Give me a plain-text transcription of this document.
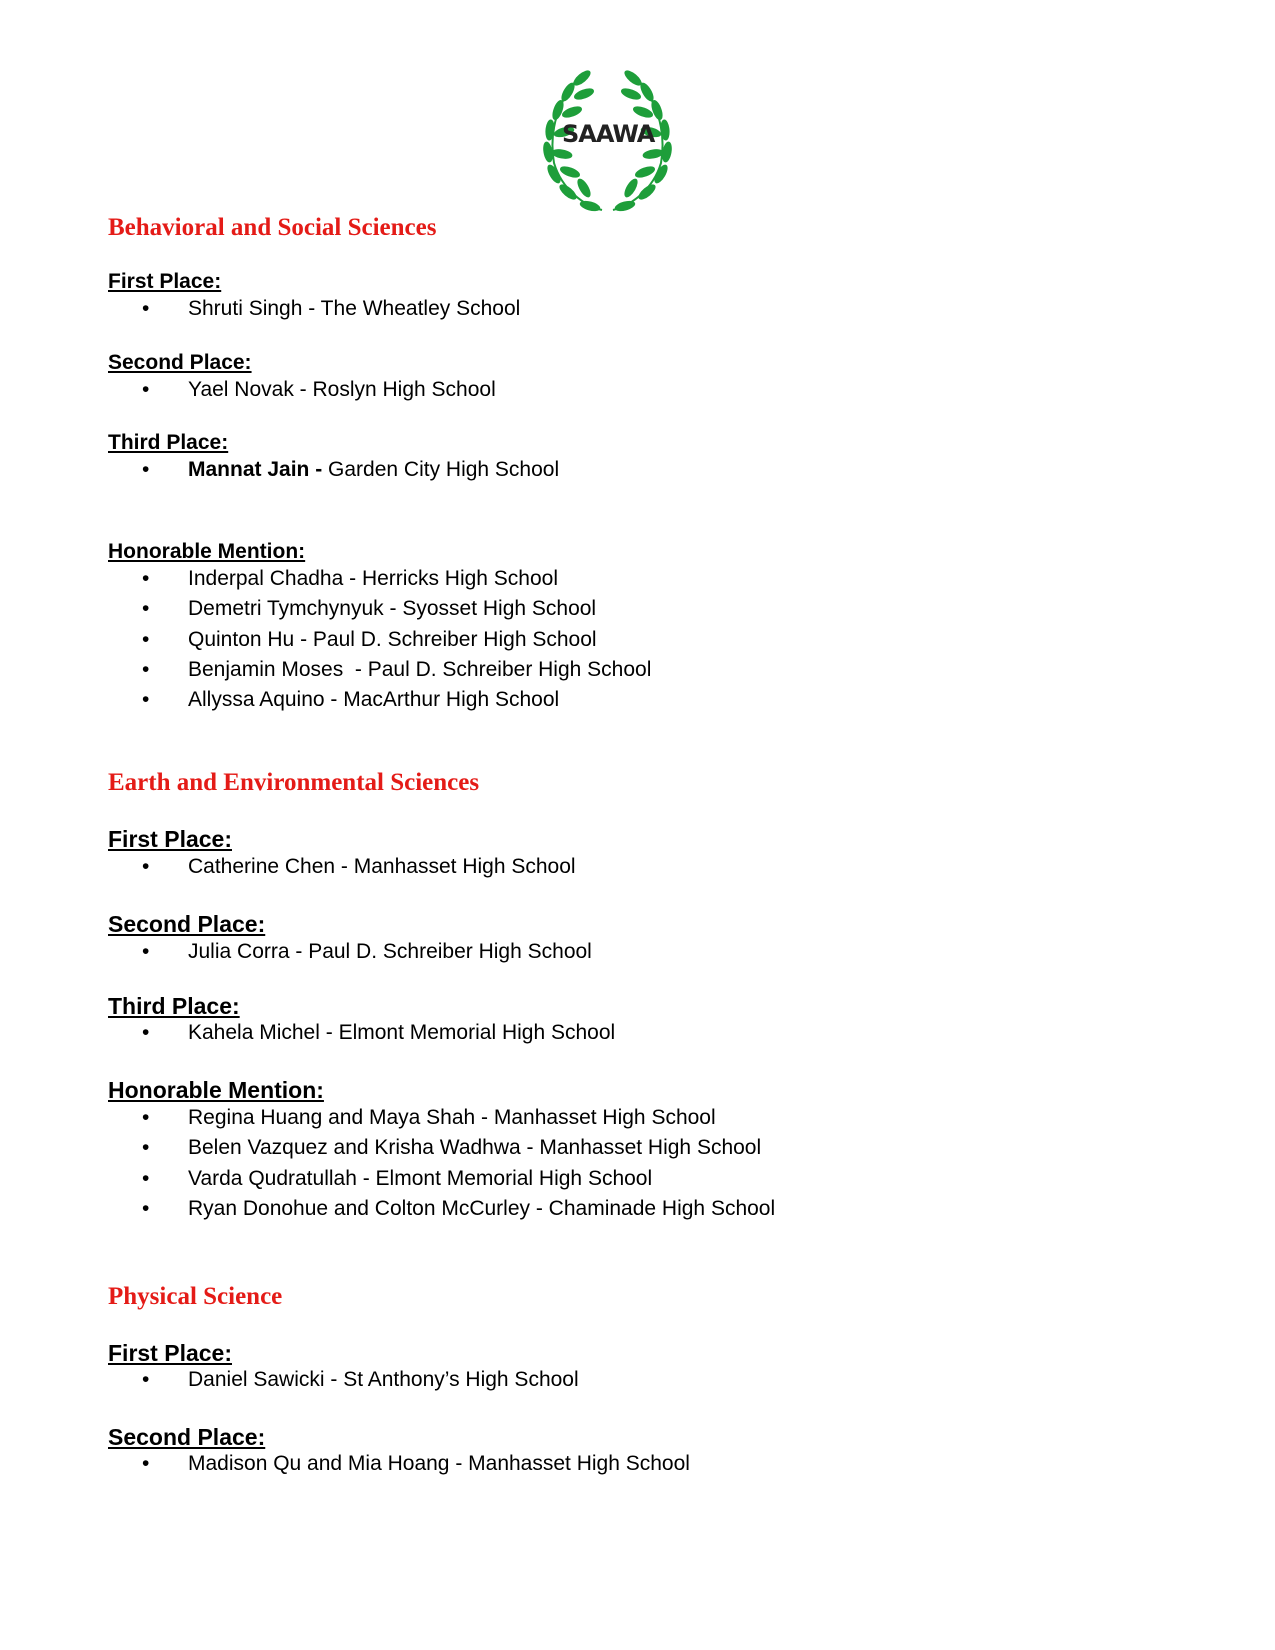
SAAWA
Behavioral and Social Sciences
First Place:
• Shruti Singh - The Wheatley School
Second Place:
• Yael Novak - Roslyn High School
Third Place:
• Mannat Jain - Garden City High School
Honorable Mention:
• Inderpal Chadha - Herricks High School
• Demetri Tymchynyuk - Syosset High School
• Quinton Hu - Paul D. Schreiber High School
• Benjamin Moses  - Paul D. Schreiber High School
• Allyssa Aquino - MacArthur High School
Earth and Environmental Sciences
First Place:
• Catherine Chen - Manhasset High School
Second Place:
• Julia Corra - Paul D. Schreiber High School
Third Place:
• Kahela Michel - Elmont Memorial High School
Honorable Mention:
• Regina Huang and Maya Shah - Manhasset High School
• Belen Vazquez and Krisha Wadhwa - Manhasset High School
• Varda Qudratullah - Elmont Memorial High School
• Ryan Donohue and Colton McCurley - Chaminade High School
Physical Science
First Place:
• Daniel Sawicki - St Anthony’s High School
Second Place:
• Madison Qu and Mia Hoang - Manhasset High School
